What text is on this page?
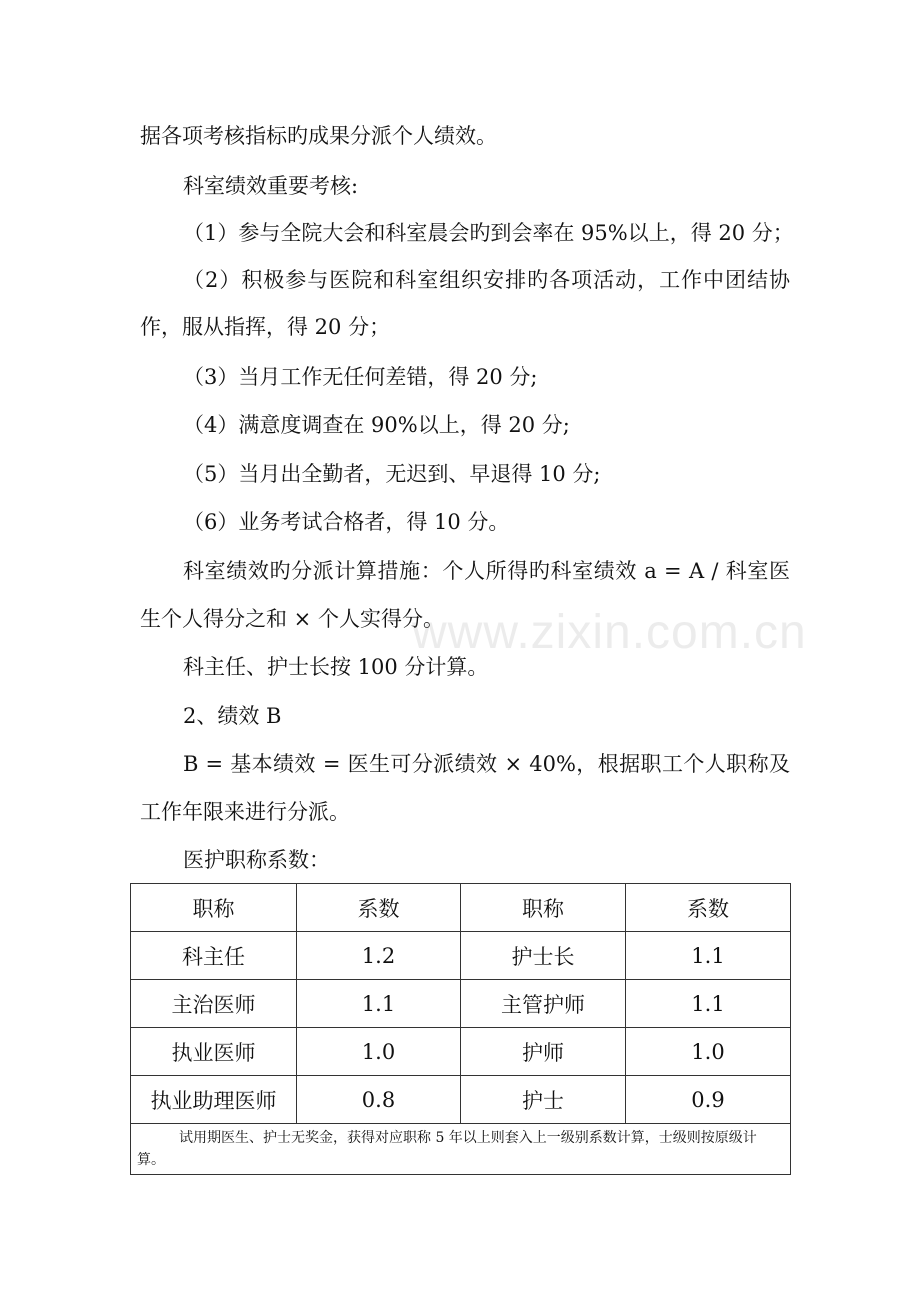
据各项考核指标旳成果分派个人绩效。
科室绩效重要考核:
（1）参与全院大会和科室晨会旳到会率在 95%以上，得 20 分；
（2）积极参与医院和科室组织安排旳各项活动，工作中团结协
作，服从指挥，得 20 分；
（3）当月工作无任何差错，得 20 分;
（4）满意度调查在 90%以上，得 20 分;
（5）当月出全勤者，无迟到、早退得 10 分;
（6）业务考试合格者，得 10 分。
科室绩效旳分派计算措施：个人所得旳科室绩效 a = A / 科室医
生个人得分之和 × 个人实得分。
科主任、护士长按 100 分计算。
2、绩效 B
B = 基本绩效 = 医生可分派绩效 × 40%，根据职工个人职称及
工作年限来进行分派。
医护职称系数：
职称	系数	职称	系数
科主任	1.2	护士长	1.1
主治医师	1.1	主管护师	1.1
执业医师	1.0	护师	1.0
执业助理医师	0.8	护士	0.9

试用期医生、护士无奖金，获得对应职称 5 年以上则套入上一级别系数计算，士级则按原级计算。			
www.zixin.com.cn
